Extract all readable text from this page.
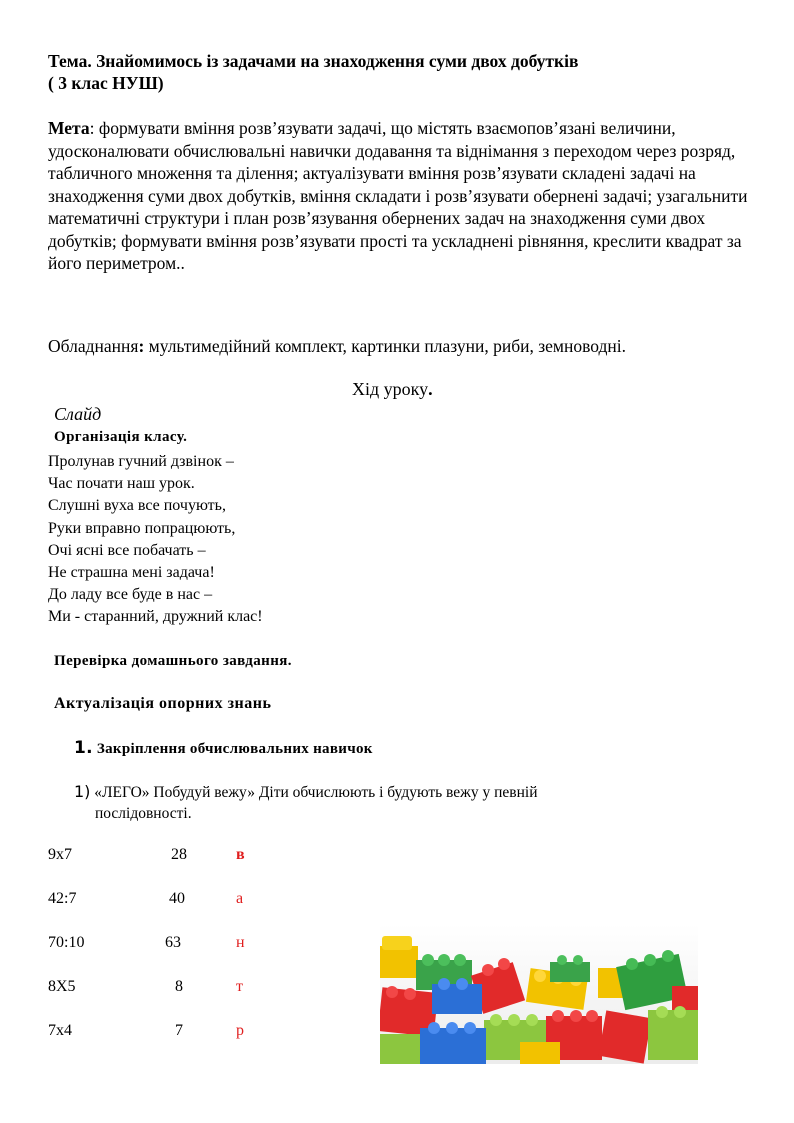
Тема. Знайомимось із задачами на знаходження суми двох добутків
( 3 клас НУШ)
Мета: формувати вміння розв’язувати задачі, що містять взаємопов’язані величини, удосконалювати обчислювальні навички додавання та віднімання з переходом через розряд, табличного множення та ділення; актуалізувати вміння розв’язувати складені задачі на знаходження суми двох добутків, вміння складати і розв’язувати обернені задачі; узагальнити математичні структури і план розв’язування обернених задач на знаходження суми двох добутків; формувати вміння розв’язувати прості та ускладнені рівняння, креслити квадрат за його периметром..
Обладнання: мультимедійний комплект, картинки плазуни, риби, земноводні.
Хід уроку.
Слайд
Організація класу.
Пролунав гучний дзвінок –
Час почати наш урок.
Слушні вуха все почують,
Руки вправно попрацюють,
Очі ясні все побачать –
Не страшна мені задача!
До ладу все буде в нас –
Ми - старанний, дружний клас!
Перевірка домашнього завдання.
Актуалізація опорних знань
1. Закріплення обчислювальних навичок
1) «ЛЕГО» Побудуй вежу» Діти обчислюють і будують вежу у певній
послідовності.
9х7	28	в
42:7	40	а
70:10	63	н
8Х5	8	т
7х4	7	р
